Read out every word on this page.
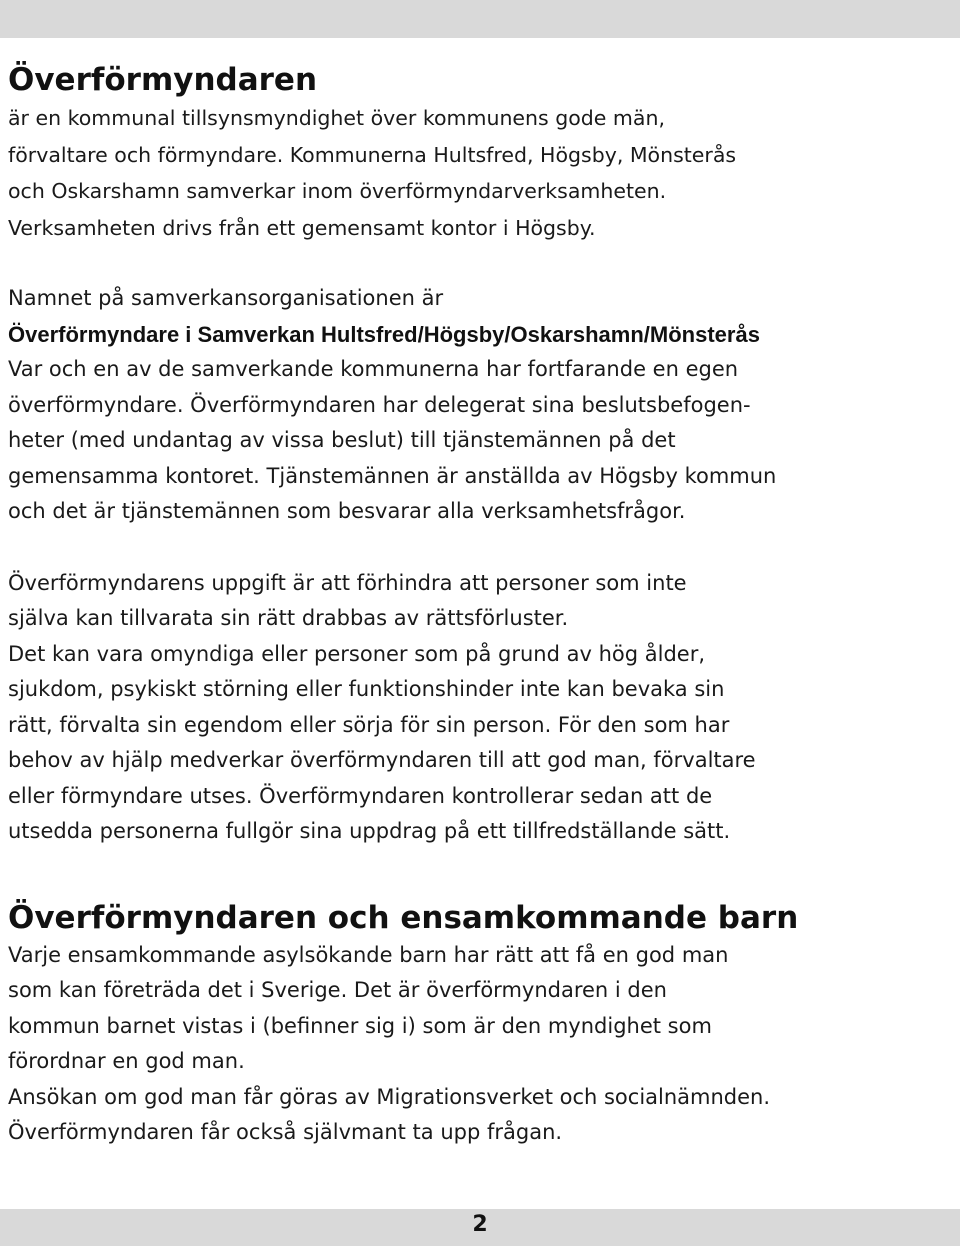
Överförmyndaren

är en kommunal tillsynsmyndighet över kommunens gode män,

förvaltare och förmyndare. Kommunerna Hultsfred, Högsby, Mönsterås

och Oskarshamn samverkar inom överförmyndarverksamheten.

Verksamheten drivs från ett gemensamt kontor i Högsby.

Namnet på samverkansorganisationen är

Överförmyndare i Samverkan Hultsfred/Högsby/Oskarshamn/Mönsterås

Var och en av de samverkande kommunerna har fortfarande en egen

överförmyndare. Överförmyndaren har delegerat sina beslutsbefogen-

heter (med undantag av vissa beslut) till tjänstemännen på det

gemensamma kontoret. Tjänstemännen är anställda av Högsby kommun

och det är tjänstemännen som besvarar alla verksamhetsfrågor.

Överförmyndarens uppgift är att förhindra att personer som inte

själva kan tillvarata sin rätt drabbas av rättsförluster.

Det kan vara omyndiga eller personer som på grund av hög ålder,

sjukdom, psykiskt störning eller funktionshinder inte kan bevaka sin

rätt, förvalta sin egendom eller sörja för sin person. För den som har

behov av hjälp medverkar överförmyndaren till att god man, förvaltare

eller förmyndare utses. Överförmyndaren kontrollerar sedan att de

utsedda personerna fullgör sina uppdrag på ett tillfredställande sätt.

Överförmyndaren och ensamkommande barn

Varje ensamkommande asylsökande barn har rätt att få en god man

som kan företräda det i Sverige. Det är överförmyndaren i den

kommun barnet vistas i (befinner sig i) som är den myndighet som

förordnar en god man.

Ansökan om god man får göras av Migrationsverket och socialnämnden.

Överförmyndaren får också självmant ta upp frågan.

2
